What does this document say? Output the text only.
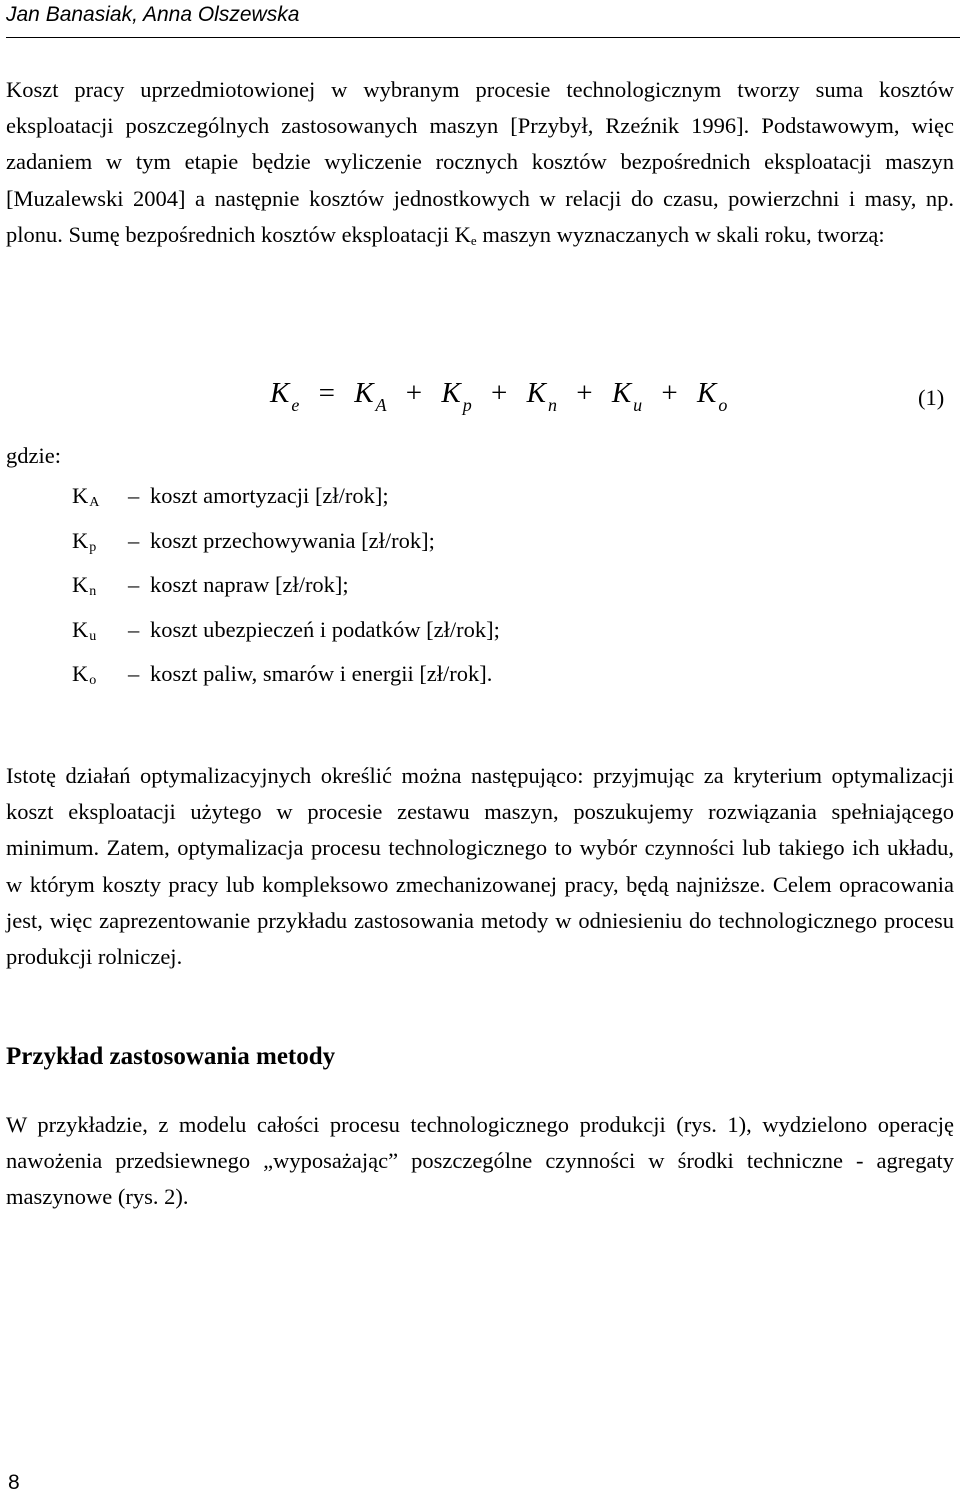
Jan Banasiak, Anna Olszewska

Koszt pracy uprzedmiotowionej w wybranym procesie technologicznym tworzy suma kosztów eksploatacji poszczególnych zastosowanych maszyn [Przybył, Rzeźnik 1996]. Podstawowym, więc zadaniem w tym etapie będzie wyliczenie rocznych kosztów bezpośrednich eksploatacji maszyn [Muzalewski 2004] a następnie kosztów jednostkowych w relacji do czasu, powierzchni i masy, np. plonu. Sumę bezpośrednich kosztów eksploatacji $K_e$ maszyn wyznaczanych w skali roku, tworzą:

K $_e$ = K $_A$ + K $_p$ + K $_n$ + K $_u$ + K $_o$	(1)
gdzie:
$K_A$ – koszt amortyzacji [zł/rok];
$K_p$ – koszt przechowywania [zł/rok];
$K_n$ – koszt napraw [zł/rok];
$K_u$ – koszt ubezpieczeń i podatków [zł/rok];
$K_o$ – koszt paliw, smarów i energii [zł/rok].

Istotę działań optymalizacyjnych określić można następująco: przyjmując za kryterium optymalizacji koszt eksploatacji użytego w procesie zestawu maszyn, poszukujemy rozwiązania spełniającego minimum. Zatem, optymalizacja procesu technologicznego to wybór czynności lub takiego ich układu, w którym koszty pracy lub kompleksowo zmechanizowanej pracy, będą najniższe. Celem opracowania jest, więc zaprezentowanie przykładu zastosowania metody w odniesieniu do technologicznego procesu produkcji rolniczej.

Przykład zastosowania metody

W przykładzie, z modelu całości procesu technologicznego produkcji (rys. 1), wydzielono operację nawożenia przedsiewnego „wyposażając” poszczególne czynności w środki techniczne - agregaty maszynowe (rys. 2).

8
